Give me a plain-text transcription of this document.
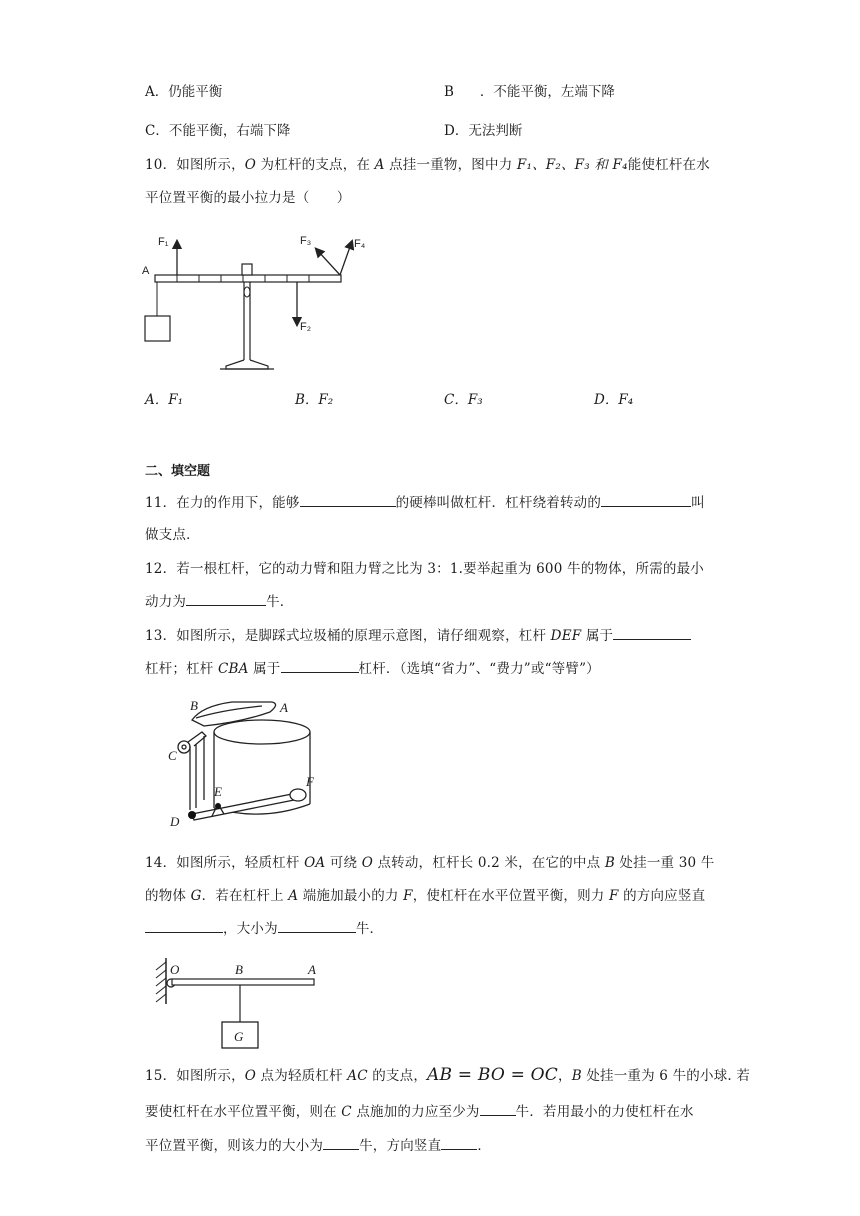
A．仍能平衡	B ．不能平衡，左端下降
C．不能平衡，右端下降	D．无法判断
10．如图所示，O 为杠杆的支点，在 A 点挂一重物，图中力 F₁、F₂、F₃ 和 F₄能使杠杆在水
平位置平衡的最小拉力是（　　）
A
F₁
F₂
F₃	F₄
A．F₁	B．F₂	C．F₃	D．F₄
二、填空题
11．在力的作用下，能够	的硬棒叫做杠杆．杠杆绕着转动的	叫
做支点．
12．若一根杠杆，它的动力臂和阻力臂之比为 3：1.要举起重为 600 牛的物体，所需的最小
动力为	牛．
13．如图所示，是脚踩式垃圾桶的原理示意图，请仔细观察，杠杆 DEF 属于
杠杆；杠杆 CBA 属于	杠杆．（选填“省力”、“费力”或“等臂”）
B	A
C
D
E
F
14．如图所示，轻质杠杆 OA 可绕 O 点转动，杠杆长 0.2 米，在它的中点 B 处挂一重 30 牛
的物体 G．若在杠杆上 A 端施加最小的力 F，使杠杆在水平位置平衡，则力 F 的方向应竖直
，大小为	牛．
O	B	A
G
15．如图所示，O 点为轻质杠杆 AC 的支点，AB = BO = OC，B 处挂一重为 6 牛的小球. 若
要使杠杆在水平位置平衡，则在 C 点施加的力应至少为	牛．若用最小的力使杠杆在水
平位置平衡，则该力的大小为	牛，方向竖直	．
